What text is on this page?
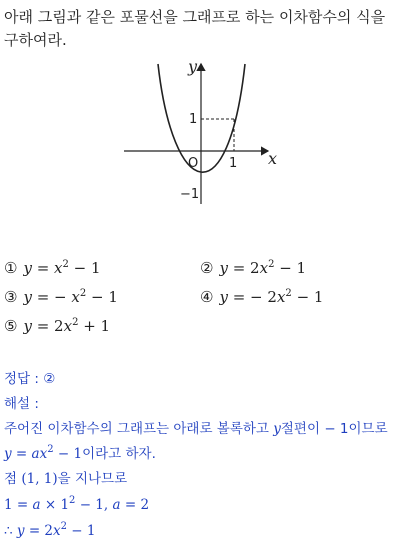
아래 그림과 같은 포물선을 그래프로 하는 이차함수의 식을 구하여라.
y
x
O 1
1
−1
① $y = x^2 - 1$	② $y = 2x^2 - 1$
③ y = − $x^2 - 1$	④ y = − $2x^2 - 1$
⑤ $y = 2x^2 + 1$
정답 : ②
해설 :
주어진 이차함수의 그래프는 아래로 볼록하고 y절편이 − 1이므로
$y = ax^2 - 1$이라고 하자.
점 (1, 1)을 지나므로
$1 = a \times 1^2 - 1$, a = 2
∴ $y = 2x^2 - 1$
